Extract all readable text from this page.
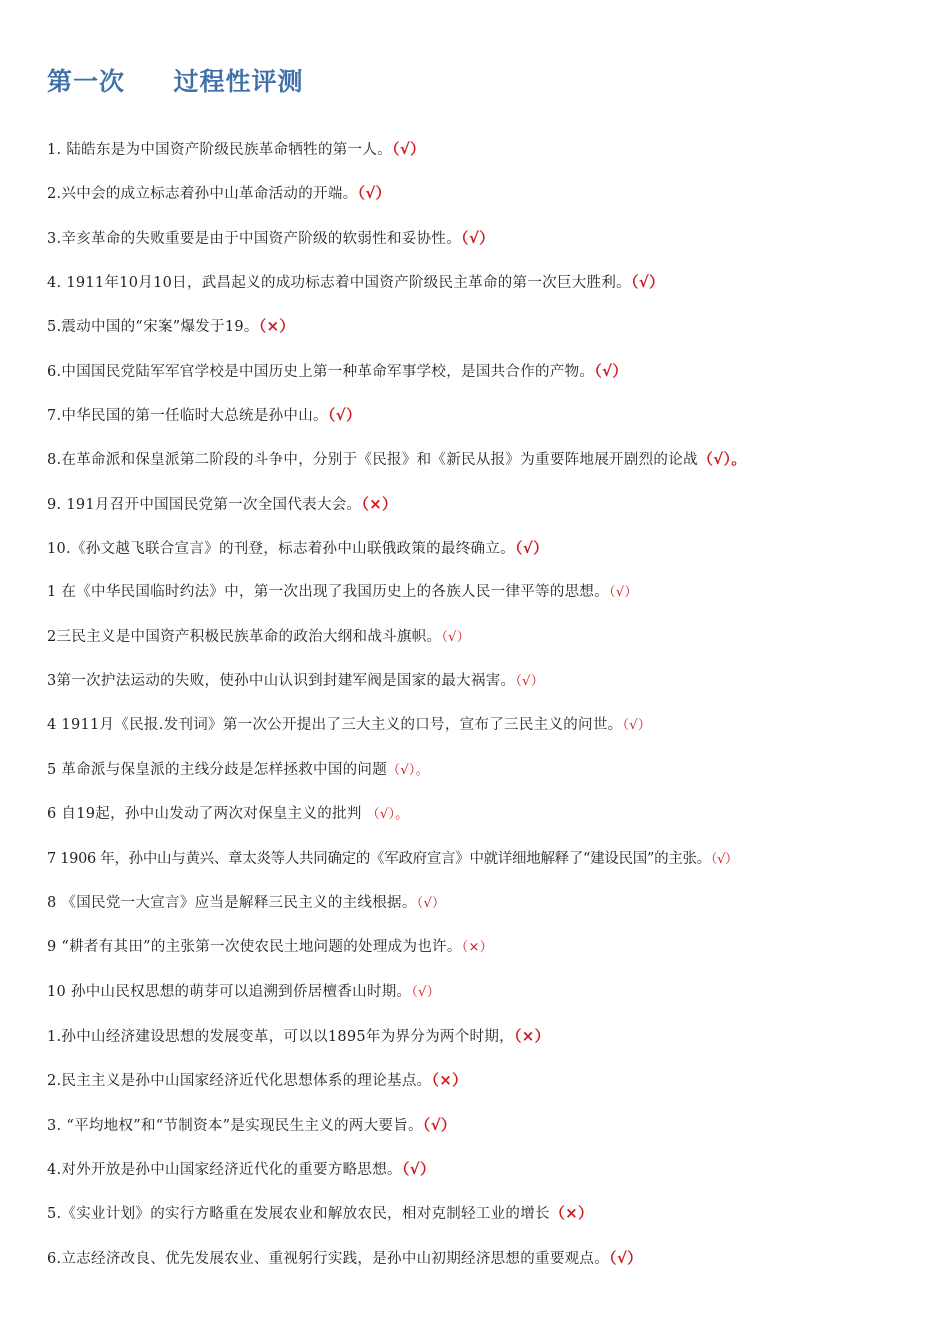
第一次     过程性评测
1. 陆皓东是为中国资产阶级民族革命牺牲的第一人。（√）
2.兴中会的成立标志着孙中山革命活动的开端。（√）
3.辛亥革命的失败重要是由于中国资产阶级的软弱性和妥协性。（√）
4. 1911年10月10日，武昌起义的成功标志着中国资产阶级民主革命的第一次巨大胜利。（√）
5.震动中国的“宋案”爆发于19。（×）
6.中国国民党陆军军官学校是中国历史上第一种革命军事学校，是国共合作的产物。（√）
7.中华民国的第一任临时大总统是孙中山。（√）
8.在革命派和保皇派第二阶段的斗争中，分别于《民报》和《新民从报》为重要阵地展开剧烈的论战（√）。
9. 191月召开中国国民党第一次全国代表大会。（×）
10.《孙文越飞联合宣言》的刊登，标志着孙中山联俄政策的最终确立。（√）
1 在《中华民国临时约法》中，第一次出现了我国历史上的各族人民一律平等的思想。（√）
2三民主义是中国资产积极民族革命的政治大纲和战斗旗帜。（√）
3第一次护法运动的失败，使孙中山认识到封建军阀是国家的最大祸害。（√）
4 1911月《民报.发刊词》第一次公开提出了三大主义的口号，宣布了三民主义的问世。（√）
5 革命派与保皇派的主线分歧是怎样拯救中国的问题（√）。
6 自19起，孙中山发动了两次对保皇主义的批判 （√）。
7 1906 年，孙中山与黄兴、章太炎等人共同确定的《军政府宣言》中就详细地解释了“建设民国”的主张。（√）
8 《国民党一大宣言》应当是解释三民主义的主线根据。（√）
9 “耕者有其田”的主张第一次使农民土地问题的处理成为也许。（×）
10 孙中山民权思想的萌芽可以追溯到侨居檀香山时期。（√）
1.孙中山经济建设思想的发展变革，可以以1895年为界分为两个时期，（×）
2.民主主义是孙中山国家经济近代化思想体系的理论基点。（×）
3. “平均地权”和“节制资本”是实现民生主义的两大要旨。（√）
4.对外开放是孙中山国家经济近代化的重要方略思想。（√）
5.《实业计划》的实行方略重在发展农业和解放农民，相对克制轻工业的增长（×）
6.立志经济改良、优先发展农业、重视躬行实践，是孙中山初期经济思想的重要观点。（√）
